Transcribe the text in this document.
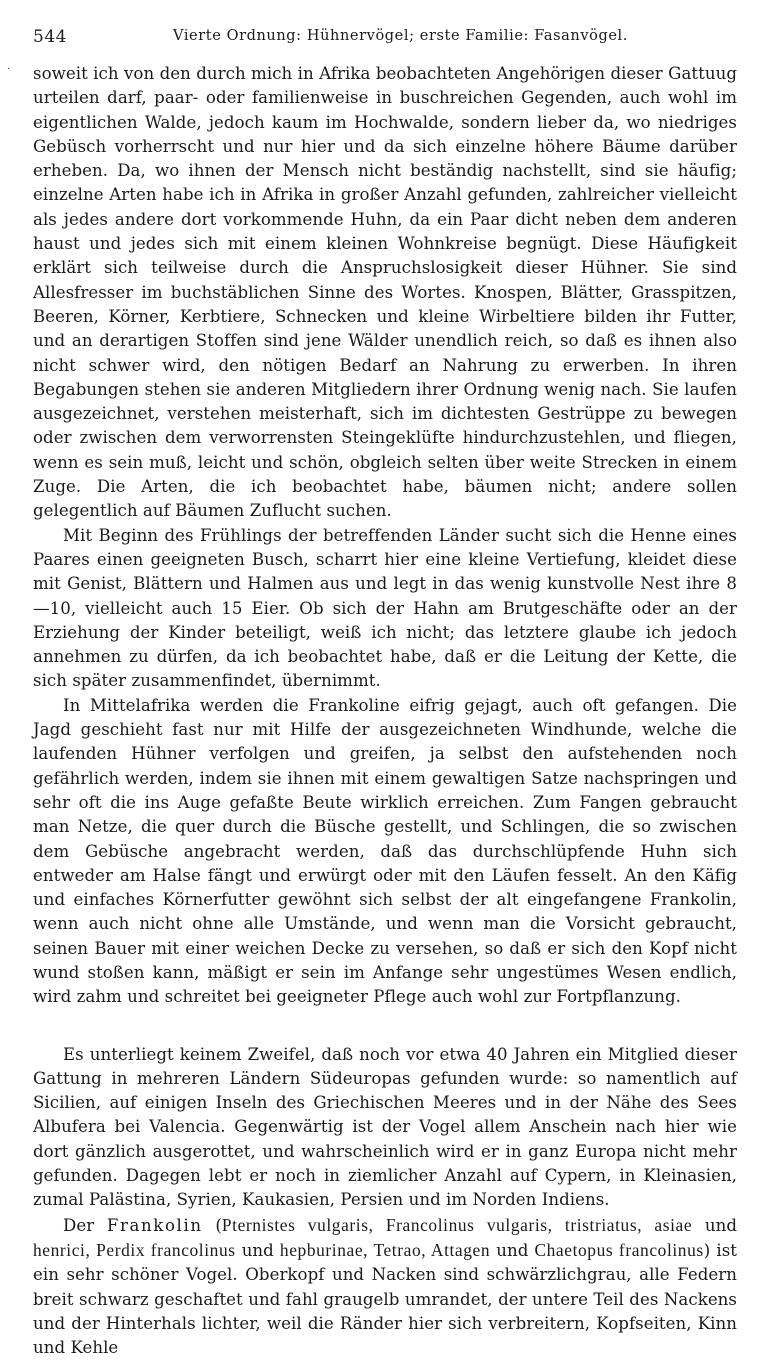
544	Vierte Ordnung: Hühnervögel; erste Familie: Fasanvögel.

soweit ich von den durch mich in Afrika beobachteten Angehörigen dieser Gattuug urteilen darf, paar- oder familienweise in buschreichen Gegenden, auch wohl im eigentlichen Walde, jedoch kaum im Hochwalde, sondern lieber da, wo niedriges Gebüsch vorherrscht und nur hier und da sich einzelne höhere Bäume darüber erheben. Da, wo ihnen der Mensch nicht beständig nachstellt, sind sie häufig; einzelne Arten habe ich in Afrika in großer Anzahl gefunden, zahlreicher vielleicht als jedes andere dort vorkommende Huhn, da ein Paar dicht neben dem anderen haust und jedes sich mit einem kleinen Wohnkreise begnügt. Diese Häufigkeit erklärt sich teilweise durch die Anspruchslosigkeit dieser Hühner. Sie sind Allesfresser im buchstäblichen Sinne des Wortes. Knospen, Blätter, Grasspitzen, Beeren, Körner, Kerbtiere, Schnecken und kleine Wirbeltiere bilden ihr Futter, und an derartigen Stoffen sind jene Wälder unendlich reich, so daß es ihnen also nicht schwer wird, den nötigen Bedarf an Nahrung zu erwerben. In ihren Begabungen stehen sie anderen Mitgliedern ihrer Ordnung wenig nach. Sie laufen ausgezeichnet, verstehen meisterhaft, sich im dichtesten Gestrüppe zu bewegen oder zwischen dem verworrensten Steingeklüfte hindurchzustehlen, und fliegen, wenn es sein muß, leicht und schön, obgleich selten über weite Strecken in einem Zuge. Die Arten, die ich beobachtet habe, bäumen nicht; andere sollen gelegentlich auf Bäumen Zuflucht suchen.

Mit Beginn des Frühlings der betreffenden Länder sucht sich die Henne eines Paares einen geeigneten Busch, scharrt hier eine kleine Vertiefung, kleidet diese mit Genist, Blättern und Halmen aus und legt in das wenig kunstvolle Nest ihre 8—10, vielleicht auch 15 Eier. Ob sich der Hahn am Brutgeschäfte oder an der Erziehung der Kinder beteiligt, weiß ich nicht; das letztere glaube ich jedoch annehmen zu dürfen, da ich beobachtet habe, daß er die Leitung der Kette, die sich später zusammenfindet, übernimmt.

In Mittelafrika werden die Frankoline eifrig gejagt, auch oft gefangen. Die Jagd geschieht fast nur mit Hilfe der ausgezeichneten Windhunde, welche die laufenden Hühner verfolgen und greifen, ja selbst den aufstehenden noch gefährlich werden, indem sie ihnen mit einem gewaltigen Satze nachspringen und sehr oft die ins Auge gefaßte Beute wirklich erreichen. Zum Fangen gebraucht man Netze, die quer durch die Büsche gestellt, und Schlingen, die so zwischen dem Gebüsche angebracht werden, daß das durchschlüpfende Huhn sich entweder am Halse fängt und erwürgt oder mit den Läufen fesselt. An den Käfig und einfaches Körnerfutter gewöhnt sich selbst der alt eingefangene Frankolin, wenn auch nicht ohne alle Umstände, und wenn man die Vorsicht gebraucht, seinen Bauer mit einer weichen Decke zu versehen, so daß er sich den Kopf nicht wund stoßen kann, mäßigt er sein im Anfange sehr ungestümes Wesen endlich, wird zahm und schreitet bei geeigneter Pflege auch wohl zur Fortpflanzung.

Es unterliegt keinem Zweifel, daß noch vor etwa 40 Jahren ein Mitglied dieser Gattung in mehreren Ländern Südeuropas gefunden wurde: so namentlich auf Sicilien, auf einigen Inseln des Griechischen Meeres und in der Nähe des Sees Albufera bei Valencia. Gegenwärtig ist der Vogel allem Anschein nach hier wie dort gänzlich ausgerottet, und wahrscheinlich wird er in ganz Europa nicht mehr gefunden. Dagegen lebt er noch in ziemlicher Anzahl auf Cypern, in Kleinasien, zumal Palästina, Syrien, Kaukasien, Persien und im Norden Indiens.

Der Frankolin (Pternistes vulgaris, Francolinus vulgaris, tristriatus, asiae und henrici, Perdix francolinus und hepburinae, Tetrao, Attagen und Chaetopus francolinus) ist ein sehr schöner Vogel. Oberkopf und Nacken sind schwärzlichgrau, alle Federn breit schwarz geschaftet und fahl graugelb umrandet, der untere Teil des Nackens und der Hinterhals lichter, weil die Ränder hier sich verbreitern, Kopfseiten, Kinn und Kehle

·
